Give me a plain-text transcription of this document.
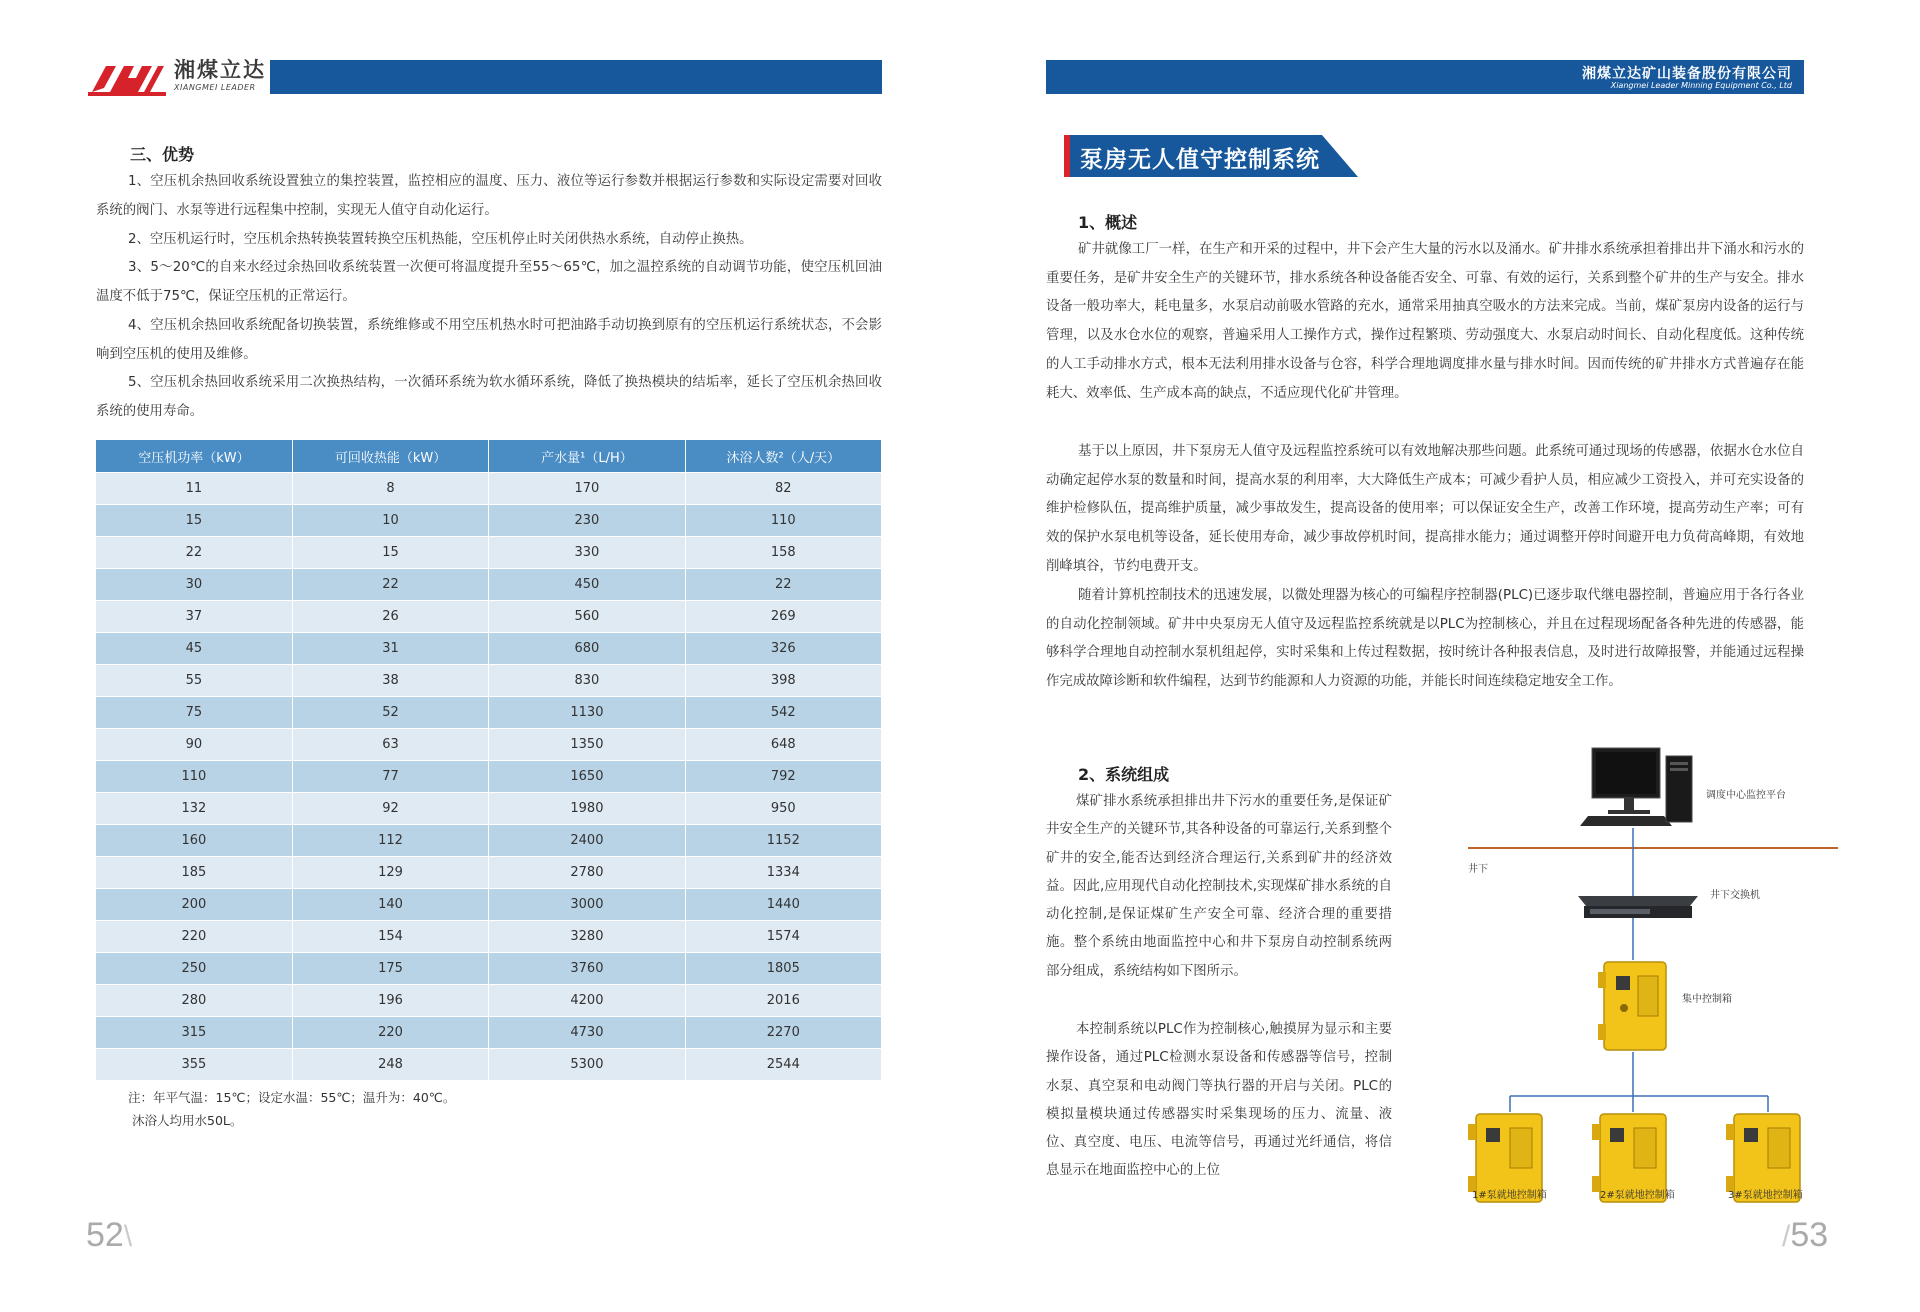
湘煤立达
XIANGMEI LEADER
三、优势

1、空压机余热回收系统设置独立的集控装置，监控相应的温度、压力、液位等运行参数并根据运行参数和实际设定需要对回收系统的阀门、水泵等进行远程集中控制，实现无人值守自动化运行。

2、空压机运行时，空压机余热转换装置转换空压机热能，空压机停止时关闭供热水系统，自动停止换热。

3、5～20℃的自来水经过余热回收系统装置一次便可将温度提升至55～65℃，加之温控系统的自动调节功能，使空压机回油温度不低于75℃，保证空压机的正常运行。

4、空压机余热回收系统配备切换装置，系统维修或不用空压机热水时可把油路手动切换到原有的空压机运行系统状态，不会影响到空压机的使用及维修。

5、空压机余热回收系统采用二次换热结构，一次循环系统为软水循环系统，降低了换热模块的结垢率，延长了空压机余热回收系统的使用寿命。

空压机功率（kW）	可回收热能（kW）	产水量¹（L/H）	沐浴人数²（人/天）
11	8	170	82
15	10	230	110
22	15	330	158
30	22	450	22
37	26	560	269
45	31	680	326
55	38	830	398
75	52	1130	542
90	63	1350	648
110	77	1650	792
132	92	1980	950
160	112	2400	1152
185	129	2780	1334
200	140	3000	1440
220	154	3280	1574
250	175	3760	1805
280	196	4200	2016
315	220	4730	2270
355	248	5300	2544
注：年平气温：15℃；设定水温：55℃；温升为：40℃。
沐浴人均用水50L。
52\
湘煤立达矿山装备股份有限公司
Xiangmei Leader Minning Equipment Co., Ltd
泵房无人值守控制系统
1、概述

矿井就像工厂一样，在生产和开采的过程中，井下会产生大量的污水以及涌水。矿井排水系统承担着排出井下涌水和污水的重要任务，是矿井安全生产的关键环节，排水系统各种设备能否安全、可靠、有效的运行，关系到整个矿井的生产与安全。排水设备一般功率大，耗电量多，水泵启动前吸水管路的充水，通常采用抽真空吸水的方法来完成。当前，煤矿泵房内设备的运行与管理，以及水仓水位的观察，普遍采用人工操作方式，操作过程繁琐、劳动强度大、水泵启动时间长、自动化程度低。这种传统的人工手动排水方式，根本无法利用排水设备与仓容，科学合理地调度排水量与排水时间。因而传统的矿井排水方式普遍存在能耗大、效率低、生产成本高的缺点，不适应现代化矿井管理。

基于以上原因，井下泵房无人值守及远程监控系统可以有效地解决那些问题。此系统可通过现场的传感器，依据水仓水位自动确定起停水泵的数量和时间，提高水泵的利用率，大大降低生产成本；可减少看护人员，相应减少工资投入，并可充实设备的维护检修队伍，提高维护质量，减少事故发生，提高设备的使用率；可以保证安全生产，改善工作环境，提高劳动生产率；可有效的保护水泵电机等设备，延长使用寿命，减少事故停机时间，提高排水能力；通过调整开停时间避开电力负荷高峰期，有效地削峰填谷，节约电费开支。

随着计算机控制技术的迅速发展，以微处理器为核心的可编程序控制器(PLC)已逐步取代继电器控制，普遍应用于各行各业的自动化控制领域。矿井中央泵房无人值守及远程监控系统就是以PLC为控制核心，并且在过程现场配备各种先进的传感器，能够科学合理地自动控制水泵机组起停，实时采集和上传过程数据，按时统计各种报表信息，及时进行故障报警，并能通过远程操作完成故障诊断和软件编程，达到节约能源和人力资源的功能，并能长时间连续稳定地安全工作。

2、系统组成

煤矿排水系统承担排出井下污水的重要任务,是保证矿井安全生产的关键环节,其各种设备的可靠运行,关系到整个矿井的安全,能否达到经济合理运行,关系到矿井的经济效益。因此,应用现代自动化控制技术,实现煤矿排水系统的自动化控制,是保证煤矿生产安全可靠、经济合理的重要措施。整个系统由地面监控中心和井下泵房自动控制系统两部分组成，系统结构如下图所示。

本控制系统以PLC作为控制核心,触摸屏为显示和主要操作设备，通过PLC检测水泵设备和传感器等信号，控制水泵、真空泵和电动阀门等执行器的开启与关闭。PLC的模拟量模块通过传感器实时采集现场的压力、流量、液位、真空度、电压、电流等信号，再通过光纤通信，将信息显示在地面监控中心的上位

/53
调度中心监控平台
井下
井下交换机
集中控制箱
1#泵就地控制箱	2#泵就地控制箱	3#泵就地控制箱
